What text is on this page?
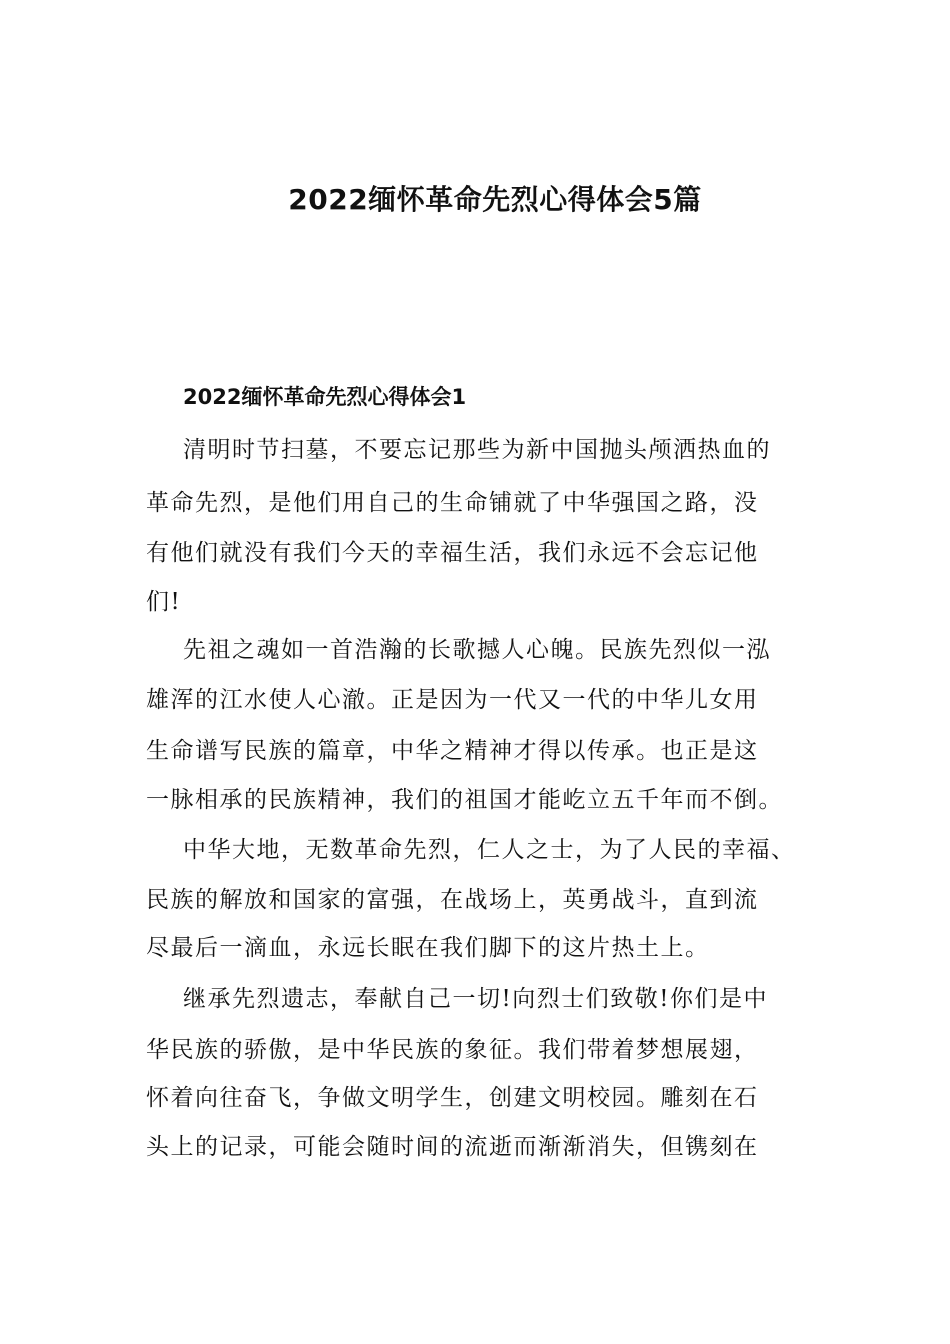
2022缅怀革命先烈心得体会5篇
2022缅怀革命先烈心得体会1

清明时节扫墓，不要忘记那些为新中国抛头颅洒热血的

革命先烈，是他们用自己的生命铺就了中华强国之路，没

有他们就没有我们今天的幸福生活，我们永远不会忘记他

们!

先祖之魂如一首浩瀚的长歌撼人心魄。民族先烈似一泓

雄浑的江水使人心澈。正是因为一代又一代的中华儿女用

生命谱写民族的篇章，中华之精神才得以传承。也正是这

一脉相承的民族精神，我们的祖国才能屹立五千年而不倒。

中华大地，无数革命先烈，仁人之士，为了人民的幸福、

民族的解放和国家的富强，在战场上，英勇战斗，直到流

尽最后一滴血，永远长眠在我们脚下的这片热土上。

继承先烈遗志，奉献自己一切!向烈士们致敬!你们是中

华民族的骄傲，是中华民族的象征。我们带着梦想展翅，

怀着向往奋飞，争做文明学生，创建文明校园。雕刻在石

头上的记录，可能会随时间的流逝而渐渐消失，但镌刻在
